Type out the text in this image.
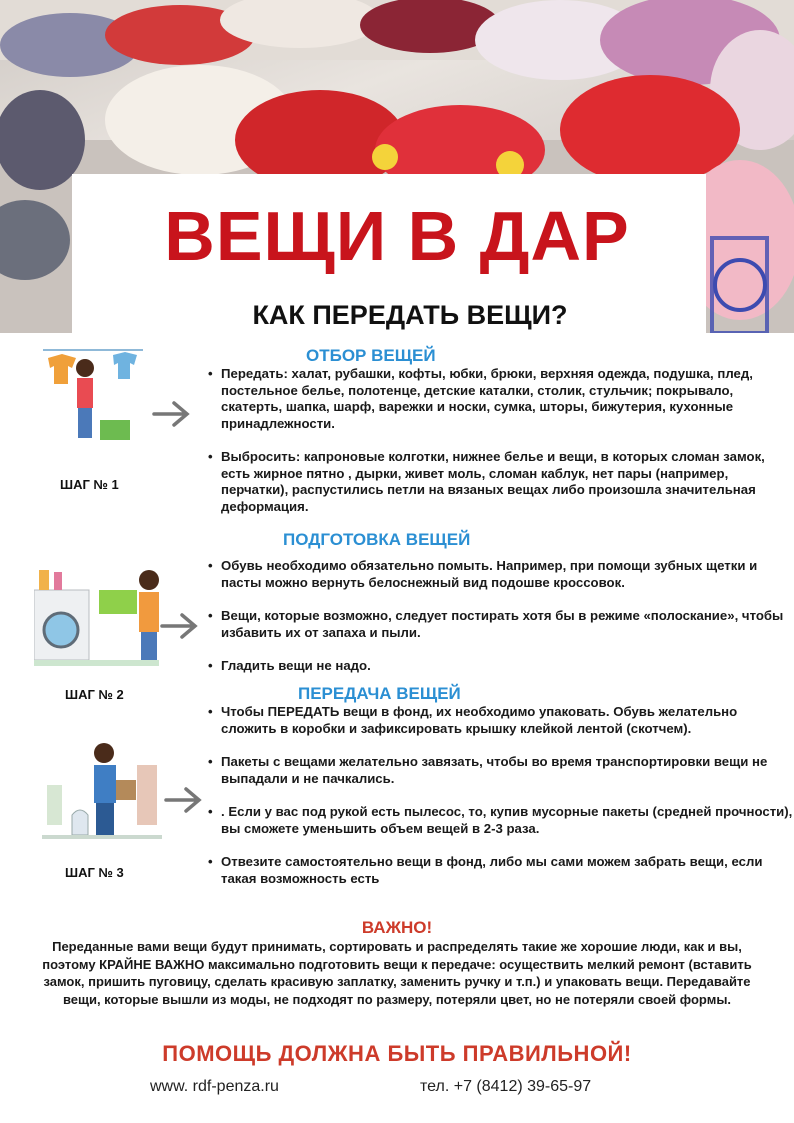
ВЕЩИ В ДАР
КАК ПЕРЕДАТЬ ВЕЩИ?
ОТБОР ВЕЩЕЙ
ШАГ № 1
• Передать: халат, рубашки, кофты, юбки, брюки, верхняя одежда, подушка, плед, постельное белье, полотенце, детские каталки, столик, стульчик; покрывало, скатерть, шапка, шарф, варежки и носки, сумка, шторы, бижутерия, кухонные принадлежности.
• Выбросить: капроновые колготки, нижнее белье и вещи, в которых сломан замок, есть жирное пятно , дырки, живет моль, сломан каблук, нет пары (например, перчатки), распустились петли на вязаных вещах либо произошла значительная деформация.
ПОДГОТОВКА ВЕЩЕЙ
ШАГ № 2
• Обувь необходимо обязательно помыть. Например, при помощи зубных щетки и пасты можно вернуть белоснежный вид подошве кроссовок.
• Вещи, которые возможно, следует постирать хотя бы в режиме «полоскание», чтобы избавить их от запаха и пыли.
• Гладить вещи не надо.
ПЕРЕДАЧА ВЕЩЕЙ
ШАГ № 3
• Чтобы ПЕРЕДАТЬ вещи в фонд, их необходимо упаковать. Обувь желательно сложить в коробки и зафиксировать крышку клейкой лентой (скотчем).
• Пакеты с вещами желательно завязать, чтобы во время транспортировки вещи не выпадали и не пачкались.
• . Если у вас под рукой есть пылесос, то, купив мусорные пакеты (средней прочности), вы сможете уменьшить объем вещей в 2-3 раза.
• Отвезите самостоятельно вещи в фонд, либо мы сами можем забрать вещи, если такая возможность есть
ВАЖНО!
Переданные вами вещи будут принимать, сортировать и распределять такие же хорошие люди, как и вы, поэтому КРАЙНЕ ВАЖНО максимально подготовить вещи к передаче: осуществить мелкий ремонт (вставить замок, пришить пуговицу, сделать красивую заплатку, заменить ручку и т.п.) и упаковать вещи. Передавайте вещи, которые вышли из моды, не подходят по размеру, потеряли цвет, но не потеряли своей формы.
ПОМОЩЬ ДОЛЖНА БЫТЬ ПРАВИЛЬНОЙ!
www. rdf-penza.ru	тел. +7 (8412) 39-65-97
